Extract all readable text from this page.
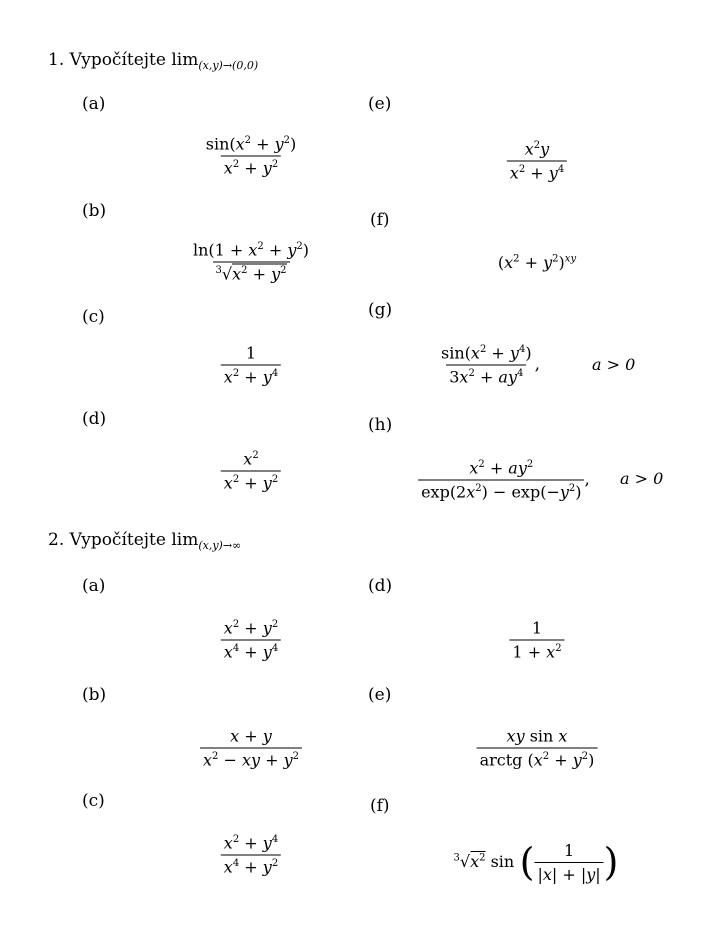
1. Vypočítejte $\lim_{(x,y)\to(0,0)}$
(a)
(b)
(c)
(d)
(e)
(f)
(g)
(h)
$\frac{\sin(x^2 + y^2)}{x^2 + y^2}$
$\frac{\ln(1 + x^2 + y^2)}{^3√x^2 + y^2}$
$\frac{1}{x^2 + y^4}$
$\frac{x^2}{x^2 + y^2}$
$\frac{x^2y}{x^2 + y^4}$
$(x^2 + y^2)^{xy}$
$\frac{\sin(x^2 + y^4)}{3x^2 + ay^4}$ ,	a > 0
$\frac{x^2 + ay^2}{\exp(2x^2) - \exp(-y^2)}$ , a > 0
2. Vypočítejte $\lim_{(x,y)\to\infty}$
(a)
(b)
(c)
(d)
(e)
(f)
$\frac{x^2 + y^2}{x^4 + y^4}$
$\frac{x + y}{x^2 - xy + y^2}$
$\frac{x^2 + y^4}{x^4 + y^2}$
$\frac{1}{1 + x^2}$
$\frac{\text{xy sin x}}{arctg (x^2 + y^2)}$
$^3√x^2$ sin ( $\frac{1}{|x| + |y|}$ )
